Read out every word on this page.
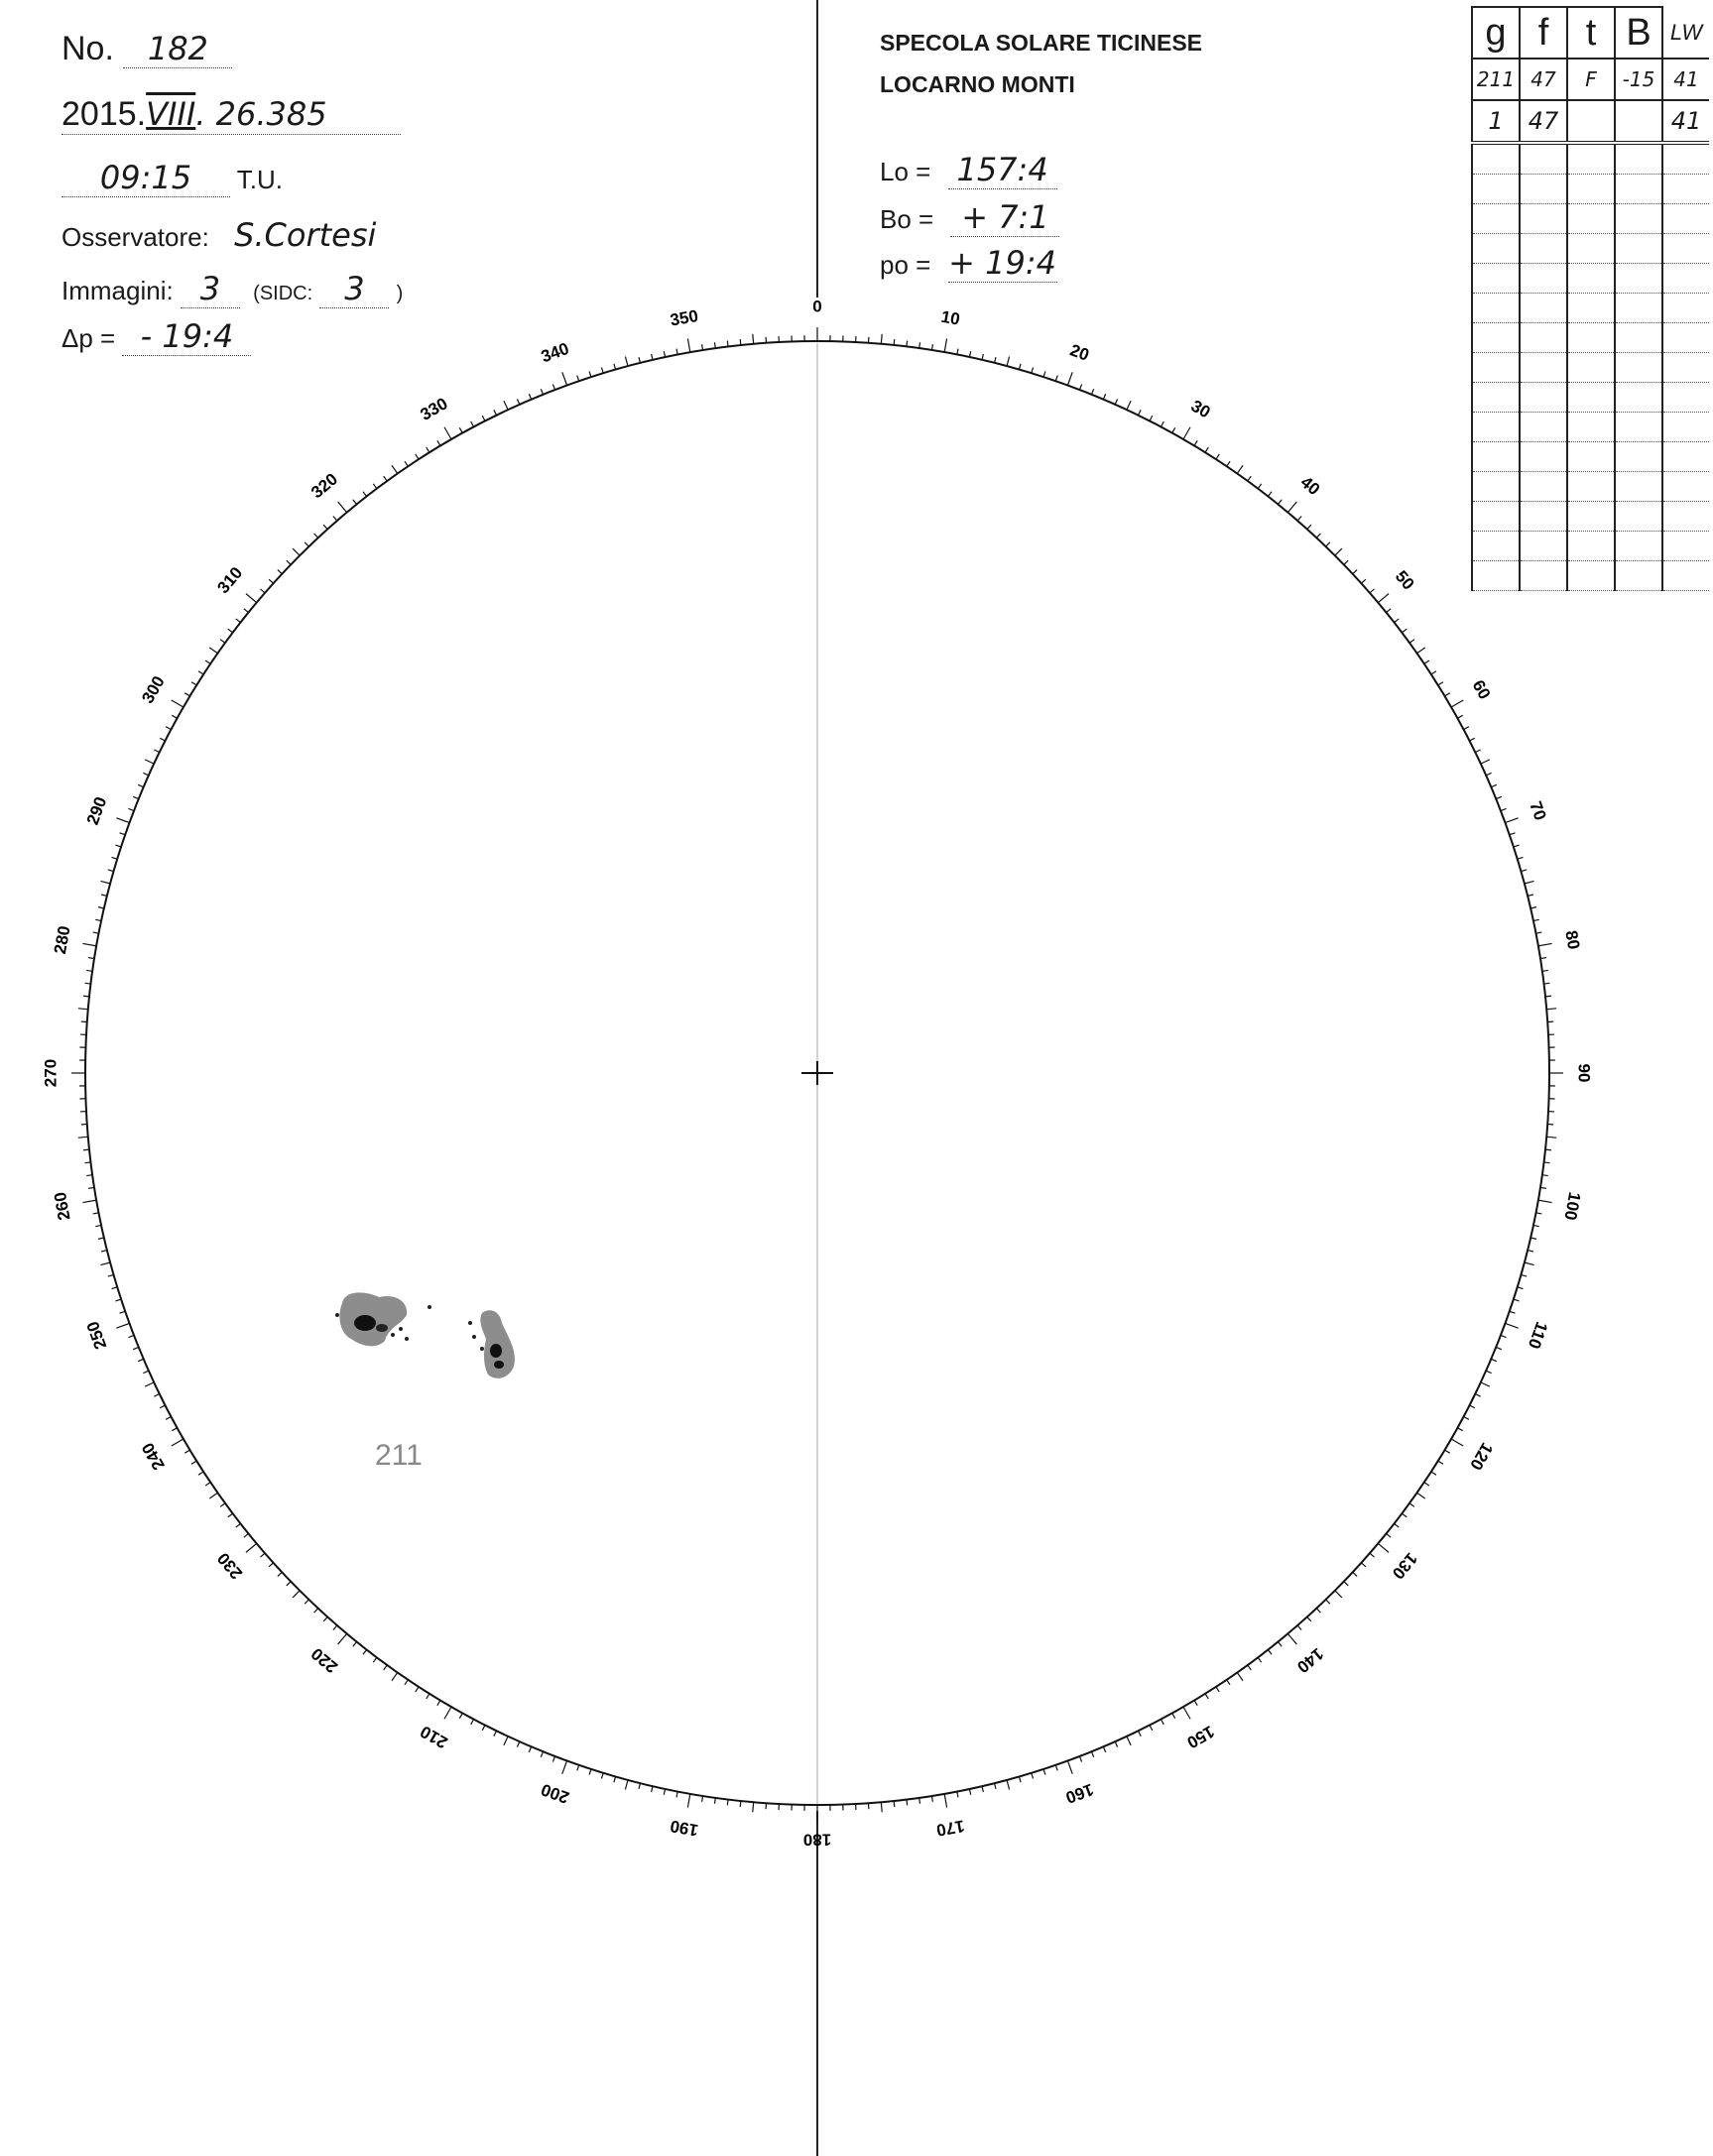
No. 182
2015.VIII. 26.385
09:15 T.U.
Osservatore: S.Cortesi
Immagini: 3 (SIDC: 3 )
Δp = - 19:4
SPECOLA SOLARE TICINESE
LOCARNO MONTI
Lo = 157:4
Bo = + 7:1
po = + 19:4
0
10
20
30
40
50
60
70
80
90
100
110
120
130
140
150
160
170
180
190
200
210
220
230
240
250
260
270
280
290
300
310
320
330
340
350
211
g	f	t	B	LW
211	47	F	-15	41
1	47			41
